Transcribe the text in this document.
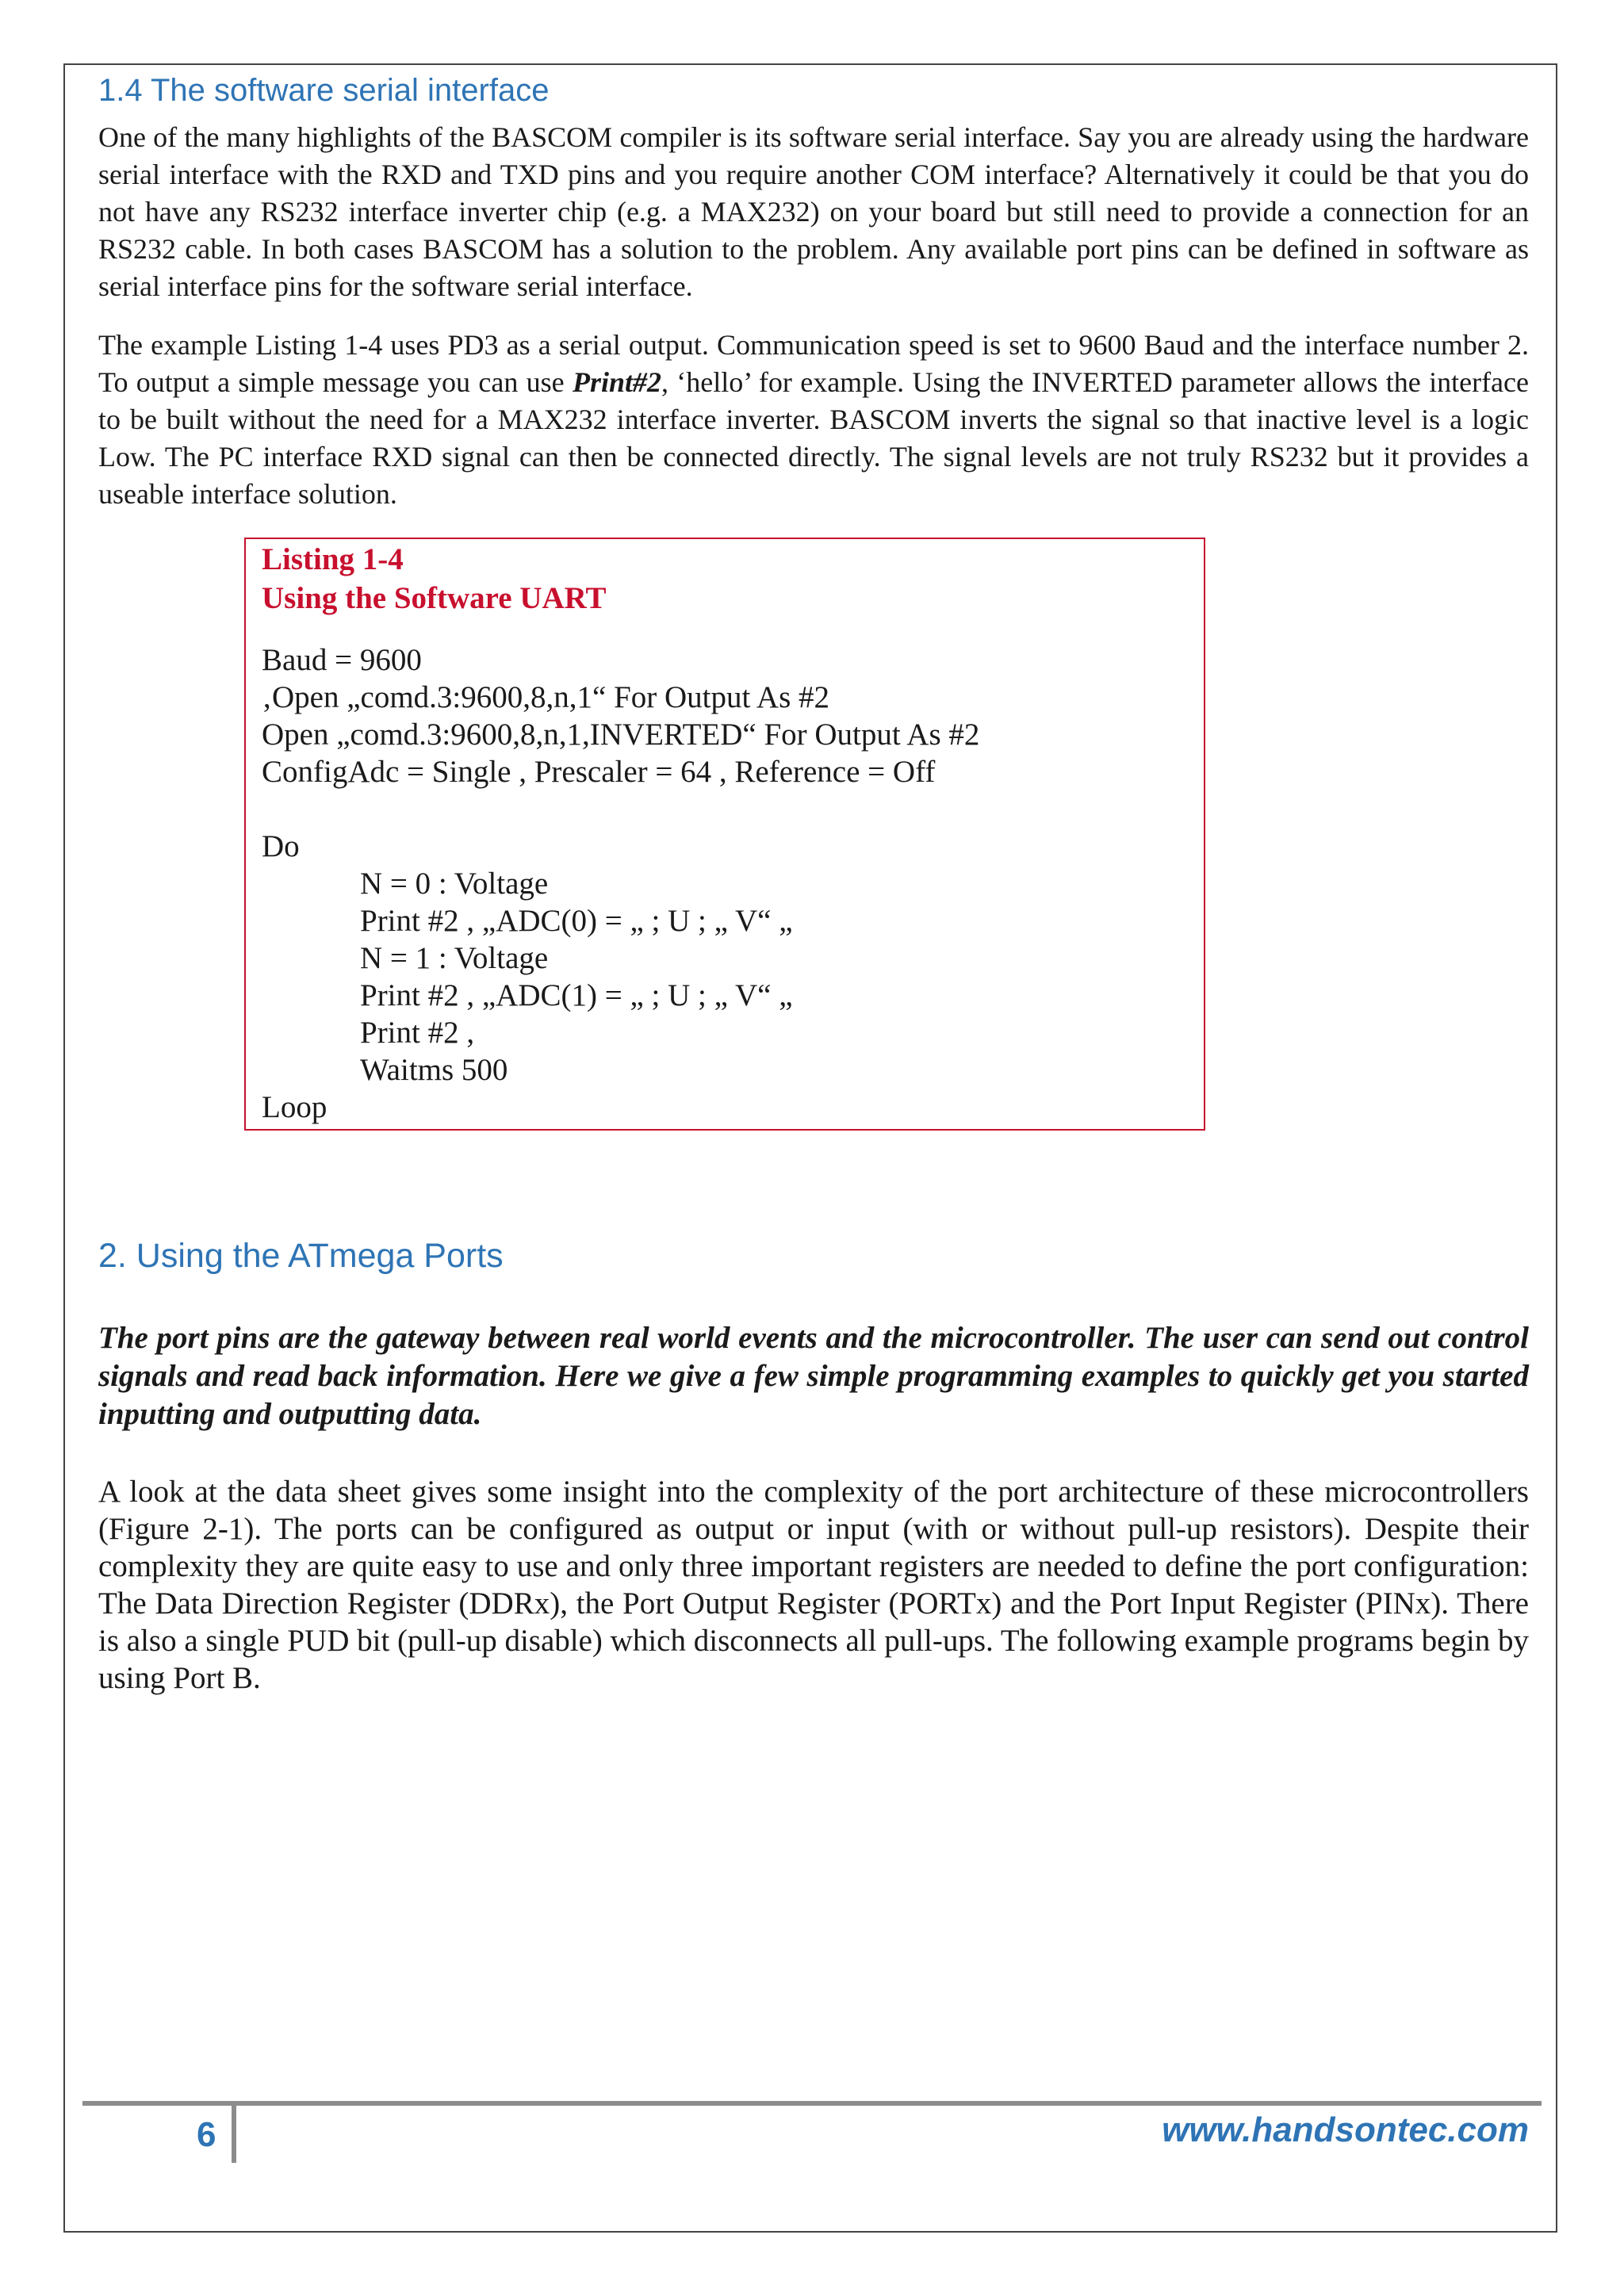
1.4 The software serial interface

One of the many highlights of the BASCOM compiler is its software serial interface. Say you are already using the hardware serial interface with the RXD and TXD pins and you require another COM interface? Alternatively it could be that you do not have any RS232 interface inverter chip (e.g. a MAX232) on your board but still need to provide a connection for an RS232 cable. In both cases BASCOM has a solution to the problem. Any available port pins can be defined in software as serial interface pins for the software serial interface.

The example Listing 1-4 uses PD3 as a serial output. Communication speed is set to 9600 Baud and the interface number 2. To output a simple message you can use Print#2, ‘hello’ for example. Using the INVERTED parameter allows the interface to be built without the need for a MAX232 interface inverter. BASCOM inverts the signal so that inactive level is a logic Low. The PC interface RXD signal can then be connected directly. The signal levels are not truly RS232 but it provides a useable interface solution.

Listing 1-4
Using the Software UART
Baud = 9600
‚Open „comd.3:9600,8,n,1“ For Output As #2
Open „comd.3:9600,8,n,1,INVERTED“ For Output As #2
ConfigAdc = Single , Prescaler = 64 , Reference = Off
Do
N = 0 : Voltage
Print #2 , „ADC(0) = „ ; U ; „ V“ „
N = 1 : Voltage
Print #2 , „ADC(1) = „ ; U ; „ V“ „
Print #2 ,
Waitms 500
Loop
2. Using the ATmega Ports

The port pins are the gateway between real world events and the microcontroller. The user can send out control signals and read back information. Here we give a few simple programming examples to quickly get you started inputting and outputting data.

A look at the data sheet gives some insight into the complexity of the port architecture of these microcontrollers (Figure 2-1). The ports can be configured as output or input (with or without pull-up resistors). Despite their complexity they are quite easy to use and only three important registers are needed to define the port configuration: The Data Direction Register (DDRx), the Port Output Register (PORTx) and the Port Input Register (PINx). There is also a single PUD bit (pull-up disable) which disconnects all pull-ups. The following example programs begin by using Port B.

6	www.handsontec.com
